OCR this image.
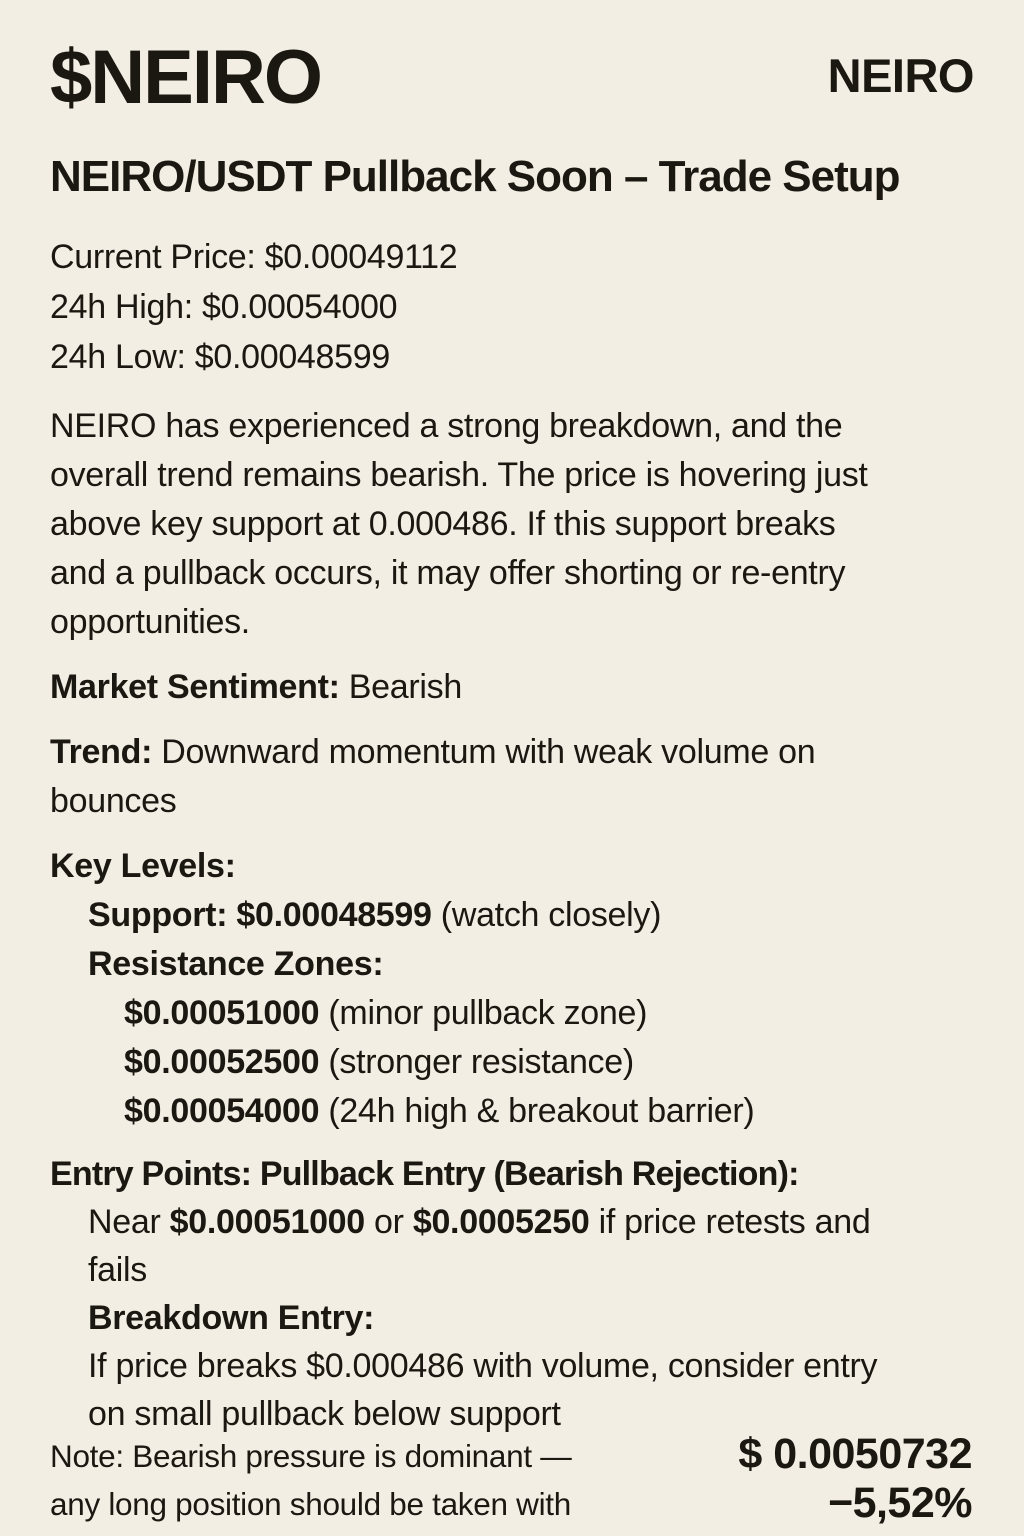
$NEIRO	NEIRO
NEIRO/USDT Pullback Soon – Trade Setup
Current Price: $0.00049112
24h High: $0.00054000
24h Low: $0.00048599
NEIRO has experienced a strong breakdown, and the
overall trend remains bearish. The price is hovering just
above key support at 0.000486. If this support breaks
and a pullback occurs, it may offer shorting or re-entry
opportunities.
Market Sentiment: Bearish
Trend: Downward momentum with weak volume on
bounces
Key Levels:
Support: $0.00048599 (watch closely)
Resistance Zones:
$0.00051000 (minor pullback zone)
$0.00052500 (stronger resistance)
$0.00054000 (24h high & breakout barrier)
Entry Points: Pullback Entry (Bearish Rejection):
Near $0.00051000 or $0.0005250 if price retests and
fails
Breakdown Entry:
If price breaks $0.000486 with volume, consider entry
on small pullback below support
Note: Bearish pressure is dominant —
any long position should be taken with
$ 0.0050732
−5,52%
